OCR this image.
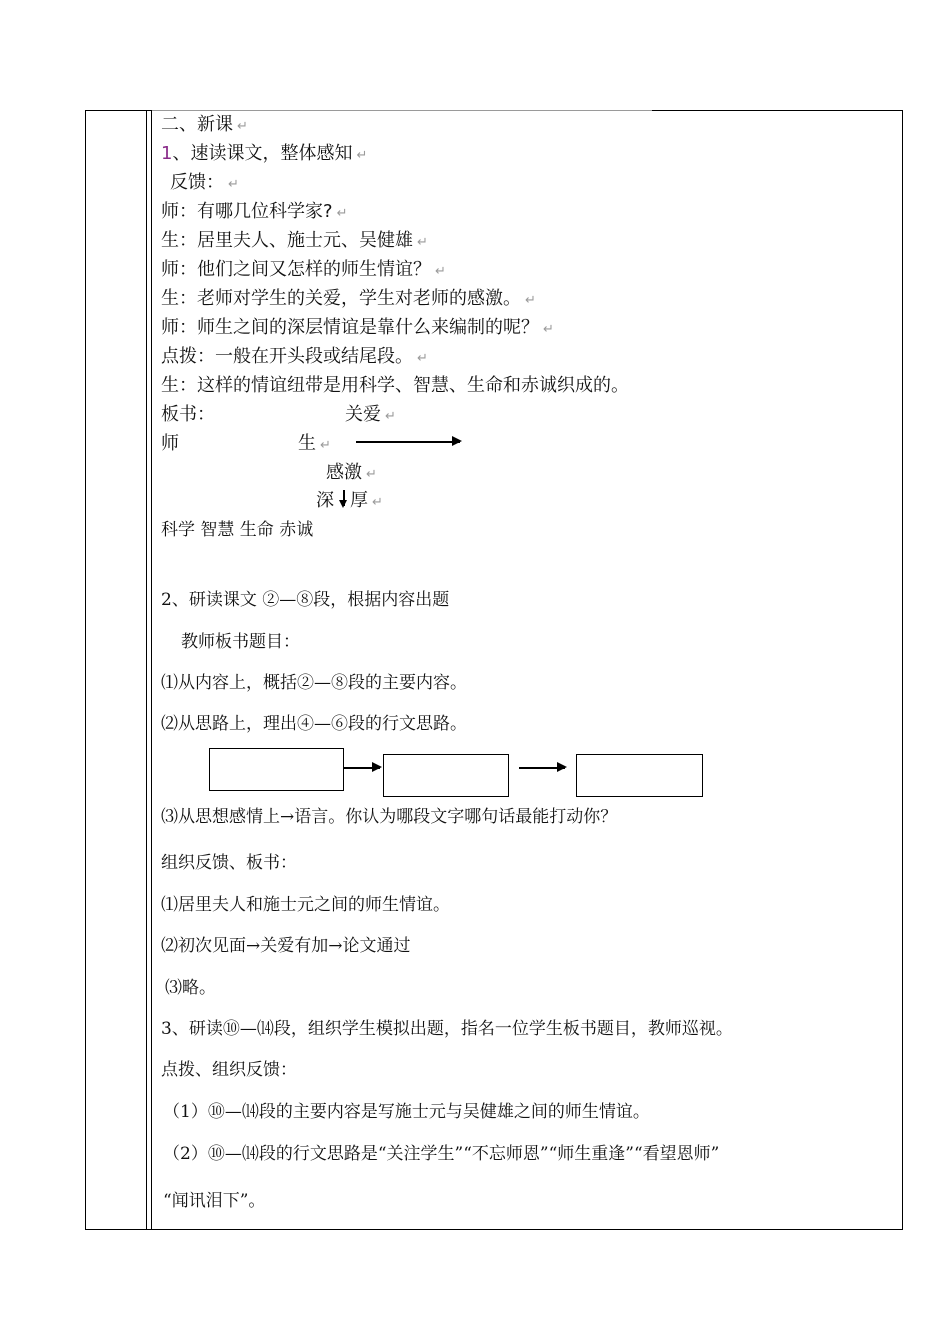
二、新课 ↵
1、速读课文，整体感知 ↵
反馈： ↵
师：有哪几位科学家? ↵
生：居里夫人、施士元、吴健雄 ↵
师：他们之间又怎样的师生情谊？ ↵
生：老师对学生的关爱，学生对老师的感激。 ↵
师：师生之间的深层情谊是靠什么来编制的呢？ ↵
点拨：一般在开头段或结尾段。 ↵
生：这样的情谊纽带是用科学、智慧、生命和赤诚织成的。
板书：	关爱 ↵
师	生 ↵
感激 ↵
深 厚 ↵
科学 智慧 生命 赤诚
2、研读课文 ②—⑧段，根据内容出题
教师板书题目：
⑴从内容上，概括②—⑧段的主要内容。
⑵从思路上，理出④—⑥段的行文思路。
⑶从思想感情上→语言。你认为哪段文字哪句话最能打动你？
组织反馈、板书：
⑴居里夫人和施士元之间的师生情谊。
⑵初次见面→关爱有加→论文通过
⑶略。
3、研读⑩—⒁段，组织学生模拟出题，指名一位学生板书题目，教师巡视。
点拨、组织反馈：
（1）⑩—⒁段的主要内容是写施士元与吴健雄之间的师生情谊。
（2）⑩—⒁段的行文思路是“关注学生”“不忘师恩”“师生重逢”“看望恩师”
“闻讯泪下”。
